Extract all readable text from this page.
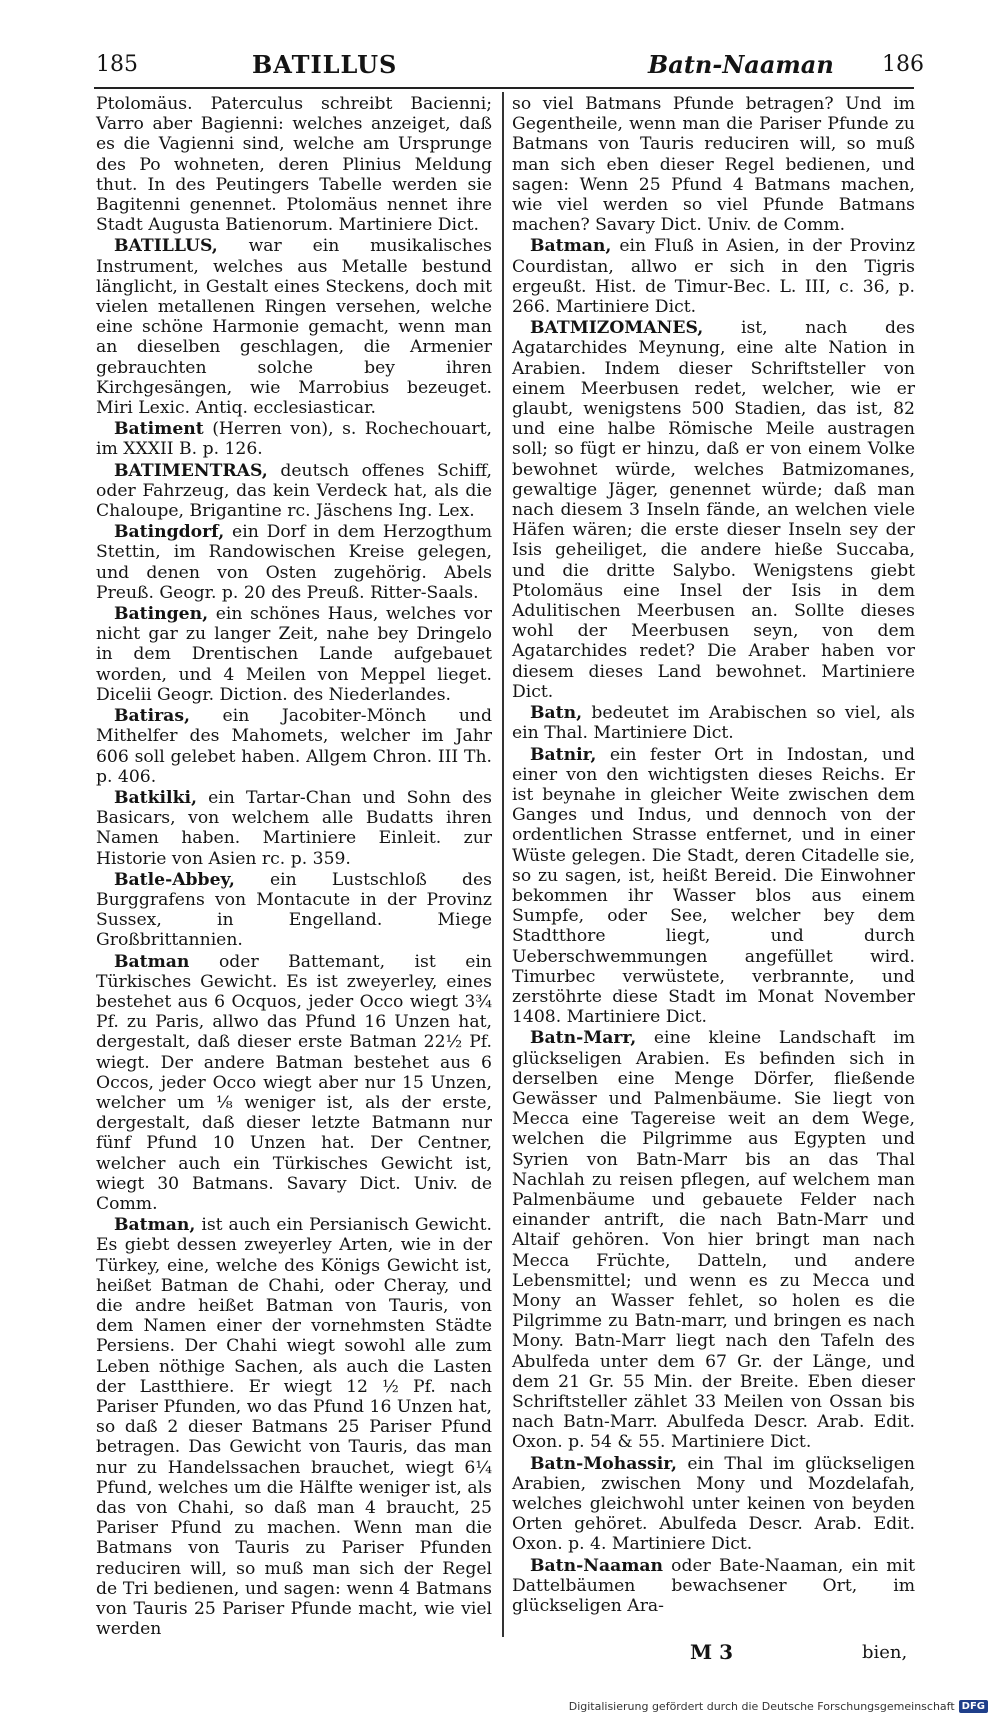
185	BATILLUS	Batn-Naaman 186

Ptolomäus. Paterculus schreibt Bacienni; Varro aber Bagienni: welches anzeiget, daß es die Vagienni sind, welche am Ursprunge des Po wohneten, deren Plinius Meldung thut. In des Peutingers Tabelle werden sie Bagitenni genennet. Ptolomäus nennet ihre Stadt Augusta Batienorum. Martiniere Dict.

BATILLUS, war ein musikalisches Instrument, welches aus Metalle bestund länglicht, in Gestalt eines Steckens, doch mit vielen metallenen Ringen versehen, welche eine schöne Harmonie gemacht, wenn man an dieselben geschlagen, die Armenier gebrauchten solche bey ihren Kirchgesängen, wie Marrobius bezeuget. Miri Lexic. Antiq. ecclesiasticar.

Batiment (Herren von), s. Rochechouart, im XXXII B. p. 126.

BATIMENTRAS, deutsch offenes Schiff, oder Fahrzeug, das kein Verdeck hat, als die Chaloupe, Brigantine rc. Jäschens Ing. Lex.

Batingdorf, ein Dorf in dem Herzogthum Stettin, im Randowischen Kreise gelegen, und denen von Osten zugehörig. Abels Preuß. Geogr. p. 20 des Preuß. Ritter-Saals.

Batingen, ein schönes Haus, welches vor nicht gar zu langer Zeit, nahe bey Dringelo in dem Drentischen Lande aufgebauet worden, und 4 Meilen von Meppel lieget. Dicelii Geogr. Diction. des Niederlandes.

Batiras, ein Jacobiter-Mönch und Mithelfer des Mahomets, welcher im Jahr 606 soll gelebet haben. Allgem Chron. III Th. p. 406.

Batkilki, ein Tartar-Chan und Sohn des Basicars, von welchem alle Budatts ihren Namen haben. Martiniere Einleit. zur Historie von Asien rc. p. 359.

Batle-Abbey, ein Lustschloß des Burggrafens von Montacute in der Provinz Sussex, in Engelland. Miege Großbrittannien.

Batman oder Battemant, ist ein Türkisches Gewicht. Es ist zweyerley, eines bestehet aus 6 Ocquos, jeder Occo wiegt 3¾ Pf. zu Paris, allwo das Pfund 16 Unzen hat, dergestalt, daß dieser erste Batman 22½ Pf. wiegt. Der andere Batman bestehet aus 6 Occos, jeder Occo wiegt aber nur 15 Unzen, welcher um ⅛ weniger ist, als der erste, dergestalt, daß dieser letzte Batmann nur fünf Pfund 10 Unzen hat. Der Centner, welcher auch ein Türkisches Gewicht ist, wiegt 30 Batmans. Savary Dict. Univ. de Comm.

Batman, ist auch ein Persianisch Gewicht. Es giebt dessen zweyerley Arten, wie in der Türkey, eine, welche des Königs Gewicht ist, heißet Batman de Chahi, oder Cheray, und die andre heißet Batman von Tauris, von dem Namen einer der vornehmsten Städte Persiens. Der Chahi wiegt sowohl alle zum Leben nöthige Sachen, als auch die Lasten der Lastthiere. Er wiegt 12 ½ Pf. nach Pariser Pfunden, wo das Pfund 16 Unzen hat, so daß 2 dieser Batmans 25 Pariser Pfund betragen. Das Gewicht von Tauris, das man nur zu Handelssachen brauchet, wiegt 6¼ Pfund, welches um die Hälfte weniger ist, als das von Chahi, so daß man 4 braucht, 25 Pariser Pfund zu machen. Wenn man die Batmans von Tauris zu Pariser Pfunden reduciren will, so muß man sich der Regel de Tri bedienen, und sagen: wenn 4 Batmans von Tauris 25 Pariser Pfunde macht, wie viel werden

so viel Batmans Pfunde betragen? Und im Gegentheile, wenn man die Pariser Pfunde zu Batmans von Tauris reduciren will, so muß man sich eben dieser Regel bedienen, und sagen: Wenn 25 Pfund 4 Batmans machen, wie viel werden so viel Pfunde Batmans machen? Savary Dict. Univ. de Comm.

Batman, ein Fluß in Asien, in der Provinz Courdistan, allwo er sich in den Tigris ergeußt. Hist. de Timur-Bec. L. III, c. 36, p. 266. Martiniere Dict.

BATMIZOMANES, ist, nach des Agatarchides Meynung, eine alte Nation in Arabien. Indem dieser Schriftsteller von einem Meerbusen redet, welcher, wie er glaubt, wenigstens 500 Stadien, das ist, 82 und eine halbe Römische Meile austragen soll; so fügt er hinzu, daß er von einem Volke bewohnet würde, welches Batmizomanes, gewaltige Jäger, genennet würde; daß man nach diesem 3 Inseln fände, an welchen viele Häfen wären; die erste dieser Inseln sey der Isis geheiliget, die andere hieße Succaba, und die dritte Salybo. Wenigstens giebt Ptolomäus eine Insel der Isis in dem Adulitischen Meerbusen an. Sollte dieses wohl der Meerbusen seyn, von dem Agatarchides redet? Die Araber haben vor diesem dieses Land bewohnet. Martiniere Dict.

Batn, bedeutet im Arabischen so viel, als ein Thal. Martiniere Dict.

Batnir, ein fester Ort in Indostan, und einer von den wichtigsten dieses Reichs. Er ist beynahe in gleicher Weite zwischen dem Ganges und Indus, und dennoch von der ordentlichen Strasse entfernet, und in einer Wüste gelegen. Die Stadt, deren Citadelle sie, so zu sagen, ist, heißt Bereid. Die Einwohner bekommen ihr Wasser blos aus einem Sumpfe, oder See, welcher bey dem Stadtthore liegt, und durch Ueberschwemmungen angefüllet wird. Timurbec verwüstete, verbrannte, und zerstöhrte diese Stadt im Monat November 1408. Martiniere Dict.

Batn-Marr, eine kleine Landschaft im glückseligen Arabien. Es befinden sich in derselben eine Menge Dörfer, fließende Gewässer und Palmenbäume. Sie liegt von Mecca eine Tagereise weit an dem Wege, welchen die Pilgrimme aus Egypten und Syrien von Batn-Marr bis an das Thal Nachlah zu reisen pflegen, auf welchem man Palmenbäume und gebauete Felder nach einander antrift, die nach Batn-Marr und Altaif gehören. Von hier bringt man nach Mecca Früchte, Datteln, und andere Lebensmittel; und wenn es zu Mecca und Mony an Wasser fehlet, so holen es die Pilgrimme zu Batn-marr, und bringen es nach Mony. Batn-Marr liegt nach den Tafeln des Abulfeda unter dem 67 Gr. der Länge, und dem 21 Gr. 55 Min. der Breite. Eben dieser Schriftsteller zählet 33 Meilen von Ossan bis nach Batn-Marr. Abulfeda Descr. Arab. Edit. Oxon. p. 54 & 55. Martiniere Dict.

Batn-Mohassir, ein Thal im glückseligen Arabien, zwischen Mony und Mozdelafah, welches gleichwohl unter keinen von beyden Orten gehöret. Abulfeda Descr. Arab. Edit. Oxon. p. 4. Martiniere Dict.

Batn-Naaman oder Bate-Naaman, ein mit Dattelbäumen bewachsener Ort, im glückseligen Ara-

M 3	bien,
Digitalisierung gefördert durch die Deutsche Forschungsgemeinschaft DFG
